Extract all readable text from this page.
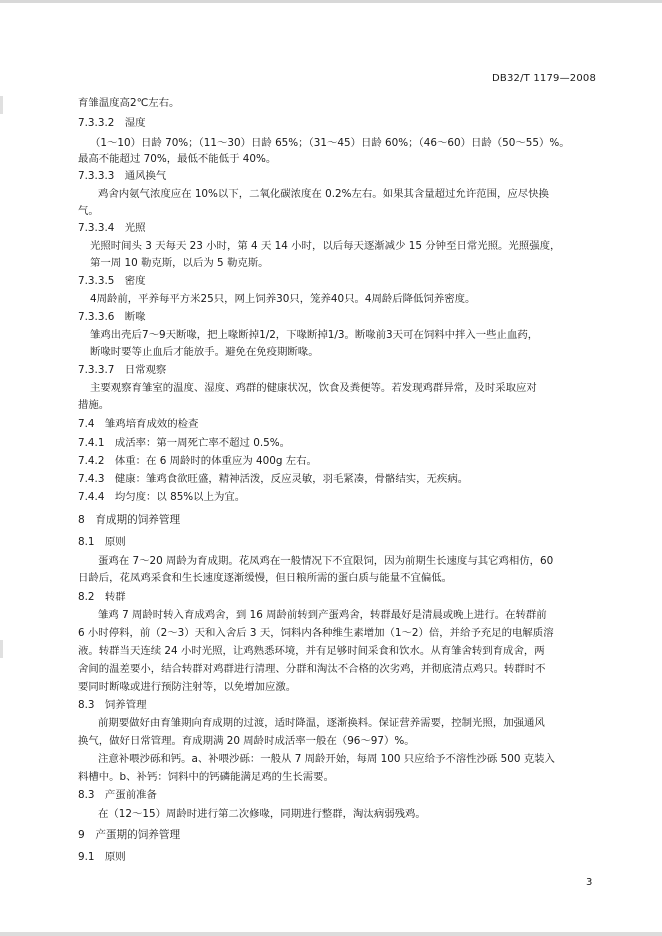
DB32/T 1179—2008
育雏温度高2℃左右。
7.3.3.2　湿度
（1～10）日龄 70%；（11～30）日龄 65%；（31～45）日龄 60%；（46～60）日龄（50～55）%。
最高不能超过 70%，最低不能低于 40%。
7.3.3.3　通风换气
鸡舍内氨气浓度应在 10%以下，二氧化碳浓度在 0.2%左右。如果其含量超过允许范围，应尽快换
气。
7.3.3.4　光照
光照时间头 3 天每天 23 小时，第 4 天 14 小时，以后每天逐渐减少 15 分钟至日常光照。光照强度，
第一周 10 勒克斯，以后为 5 勒克斯。
7.3.3.5　密度
4周龄前，平养每平方米25只，网上饲养30只，笼养40只。4周龄后降低饲养密度。
7.3.3.6　断喙
雏鸡出壳后7～9天断喙，把上喙断掉1/2，下喙断掉1/3。断喙前3天可在饲料中拌入一些止血药，
断喙时要等止血后才能放手。避免在免疫期断喙。
7.3.3.7　日常观察
主要观察育雏室的温度、湿度、鸡群的健康状况，饮食及粪便等。若发现鸡群异常，及时采取应对
措施。
7.4　雏鸡培育成效的检查
7.4.1　成活率：第一周死亡率不超过 0.5%。
7.4.2　体重：在 6 周龄时的体重应为 400g 左右。
7.4.3　健康：雏鸡食欲旺盛，精神活泼，反应灵敏，羽毛紧凑，骨骼结实，无疾病。
7.4.4　均匀度：以 85%以上为宜。
8　育成期的饲养管理
8.1　原则
蛋鸡在 7～20 周龄为育成期。花凤鸡在一般情况下不宜限饲，因为前期生长速度与其它鸡相仿，60
日龄后，花凤鸡采食和生长速度逐渐缓慢，但日粮所需的蛋白质与能量不宜偏低。
8.2　转群
雏鸡 7 周龄时转入育成鸡舍，到 16 周龄前转到产蛋鸡舍，转群最好是清晨或晚上进行。在转群前
6 小时停料，前（2～3）天和入舍后 3 天，饲料内各种维生素增加（1～2）倍，并给予充足的电解质溶
液。转群当天连续 24 小时光照，让鸡熟悉环境，并有足够时间采食和饮水。从育雏舍转到育成舍，两
舍间的温差要小，结合转群对鸡群进行清理、分群和淘汰不合格的次劣鸡，并彻底清点鸡只。转群时不
要同时断喙或进行预防注射等，以免增加应激。
8.3　饲养管理
前期要做好由育雏期向育成期的过渡，适时降温，逐渐换料。保证营养需要，控制光照，加强通风
换气，做好日常管理。育成期满 20 周龄时成活率一般在（96～97）%。
注意补喂沙砾和钙。a、补喂沙砾：一般从 7 周龄开始，每周 100 只应给予不溶性沙砾 500 克装入
料槽中。b、补钙：饲料中的钙磷能满足鸡的生长需要。
8.3　产蛋前准备
在（12～15）周龄时进行第二次修喙，同期进行整群，淘汰病弱残鸡。
9　产蛋期的饲养管理
9.1　原则
3
